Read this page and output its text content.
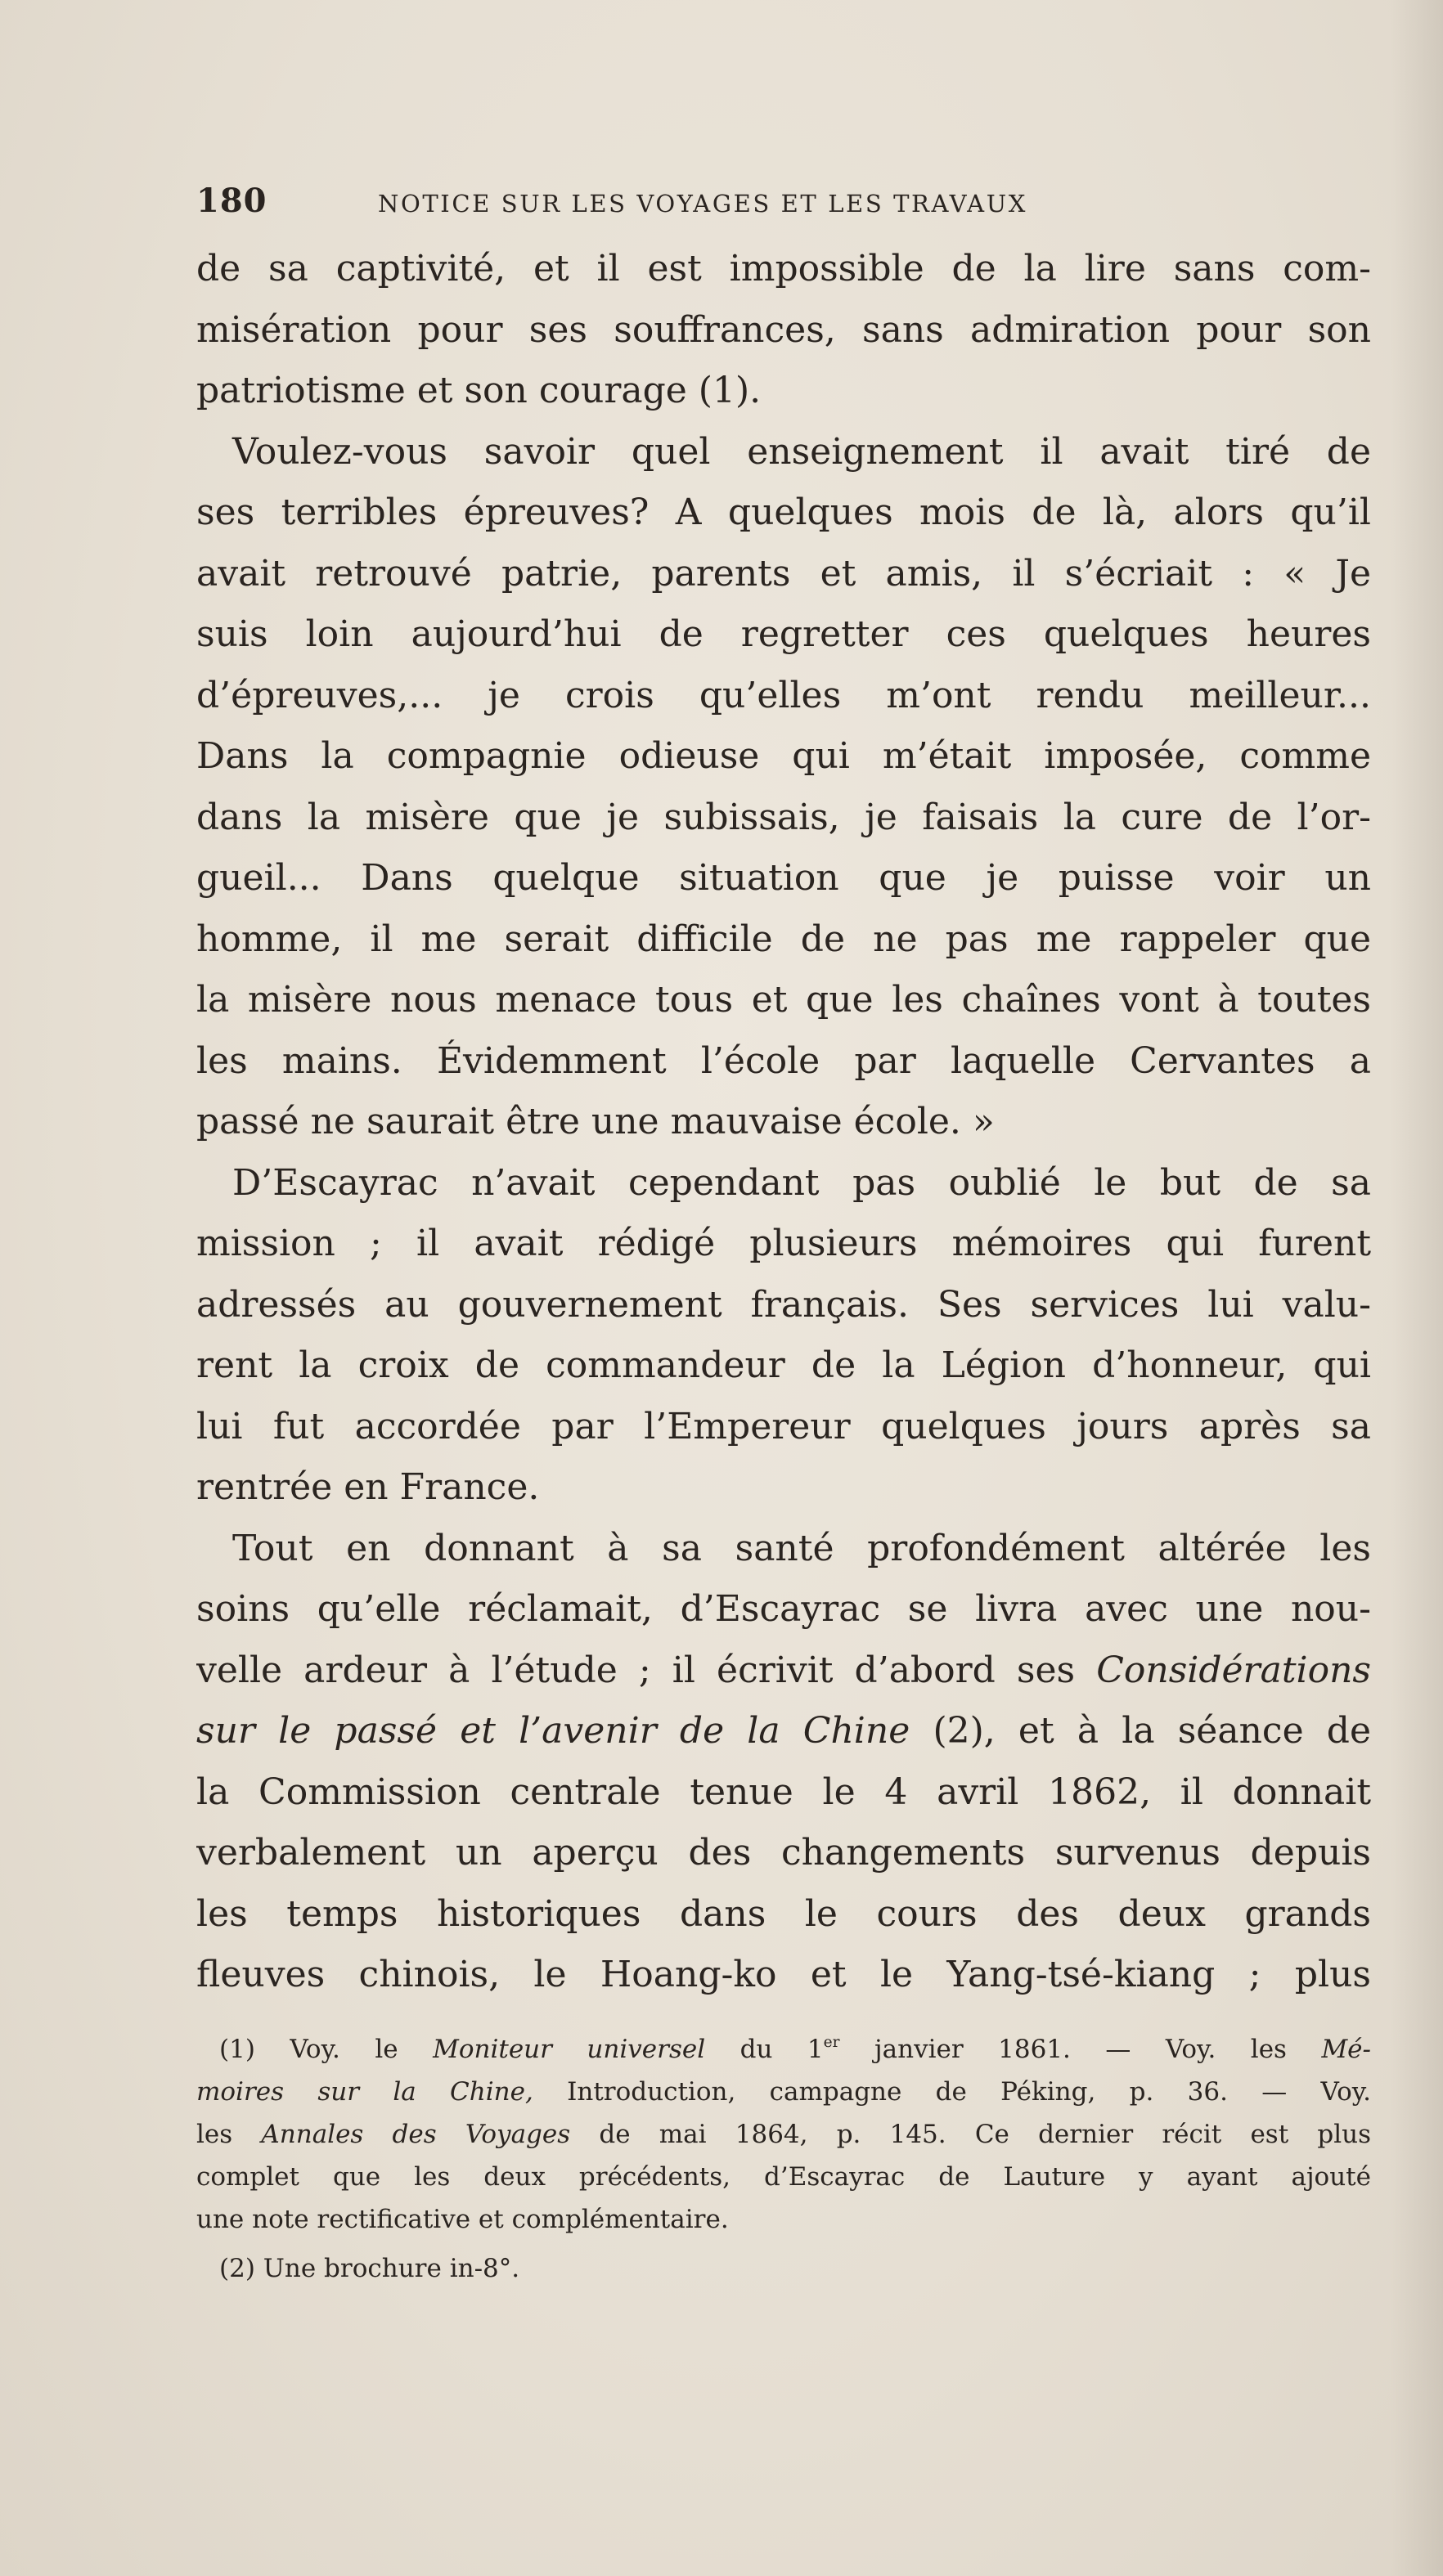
180	NOTICE SUR LES VOYAGES ET LES TRAVAUX
de sa captivité, et il est impossible de la lire sans com-
misération pour ses souffrances, sans admiration pour son
patriotisme et son courage (1).
Voulez-vous savoir quel enseignement il avait tiré de
ses terribles épreuves? A quelques mois de là, alors qu’il
avait retrouvé patrie, parents et amis, il s’écriait : « Je
suis loin aujourd’hui de regretter ces quelques heures
d’épreuves,... je crois qu’elles m’ont rendu meilleur...
Dans la compagnie odieuse qui m’était imposée, comme
dans la misère que je subissais, je faisais la cure de l’or-
gueil... Dans quelque situation que je puisse voir un
homme, il me serait difficile de ne pas me rappeler que
la misère nous menace tous et que les chaînes vont à toutes
les mains. Évidemment l’école par laquelle Cervantes a
passé ne saurait être une mauvaise école. »
D’Escayrac n’avait cependant pas oublié le but de sa
mission ; il avait rédigé plusieurs mémoires qui furent
adressés au gouvernement français. Ses services lui valu-
rent la croix de commandeur de la Légion d’honneur, qui
lui fut accordée par l’Empereur quelques jours après sa
rentrée en France.
Tout en donnant à sa santé profondément altérée les
soins qu’elle réclamait, d’Escayrac se livra avec une nou-
velle ardeur à l’étude ; il écrivit d’abord ses Considérations
sur le passé et l’avenir de la Chine (2), et à la séance de
la Commission centrale tenue le 4 avril 1862, il donnait
verbalement un aperçu des changements survenus depuis
les temps historiques dans le cours des deux grands
fleuves chinois, le Hoang-ko et le Yang-tsé-kiang ; plus
(1) Voy. le Moniteur universel du 1er janvier 1861. — Voy. les Mé-
moires sur la Chine, Introduction, campagne de Péking, p. 36. — Voy.
les Annales des Voyages de mai 1864, p. 145. Ce dernier récit est plus
complet que les deux précédents, d’Escayrac de Lauture y ayant ajouté
une note rectificative et complémentaire.
(2) Une brochure in-8°.
